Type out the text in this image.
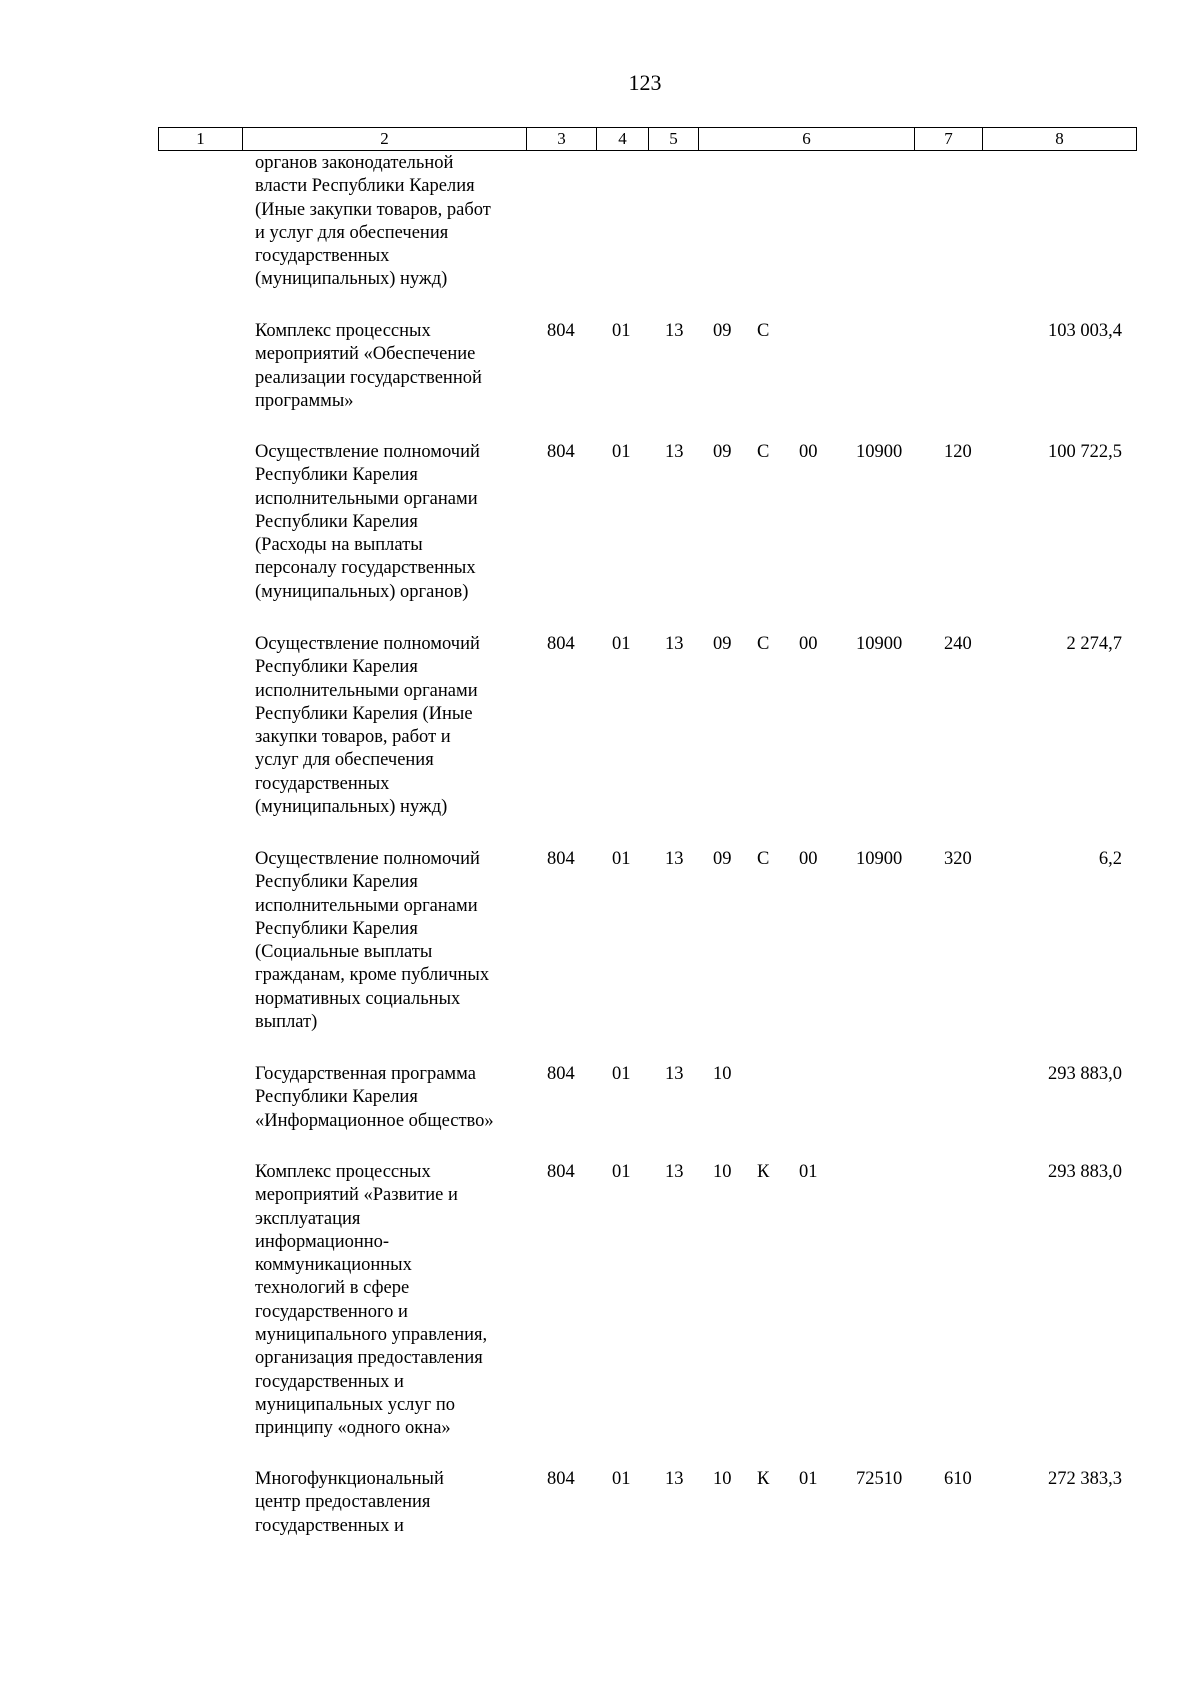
123
1	2	3	4	5	6	7	8
органов законодательной
власти Республики Карелия
(Иные закупки товаров, работ
и услуг для обеспечения
государственных
(муниципальных) нужд)
Комплекс процессных
мероприятий «Обеспечение
реализации государственной
программы»
804 01 13 09 С	103 003,4
Осуществление полномочий
Республики Карелия
исполнительными органами
Республики Карелия
(Расходы на выплаты
персоналу государственных
(муниципальных) органов)
804 01 13 09 С 00 10900 120	100 722,5
Осуществление полномочий
Республики Карелия
исполнительными органами
Республики Карелия (Иные
закупки товаров, работ и
услуг для обеспечения
государственных
(муниципальных) нужд)
804 01 13 09 С 00 10900 240	2 274,7
Осуществление полномочий
Республики Карелия
исполнительными органами
Республики Карелия
(Социальные выплаты
гражданам, кроме публичных
нормативных социальных
выплат)
804 01 13 09 С 00 10900 320	6,2
Государственная программа
Республики Карелия
«Информационное общество»
804 01 13 10	293 883,0
Комплекс процессных
мероприятий «Развитие и
эксплуатация
информационно-
коммуникационных
технологий в сфере
государственного и
муниципального управления,
организация предоставления
государственных и
муниципальных услуг по
принципу «одного окна»
804 01 13 10 К 01	293 883,0
Многофункциональный
центр предоставления
государственных и
804 01 13 10 К 01 72510 610	272 383,3
